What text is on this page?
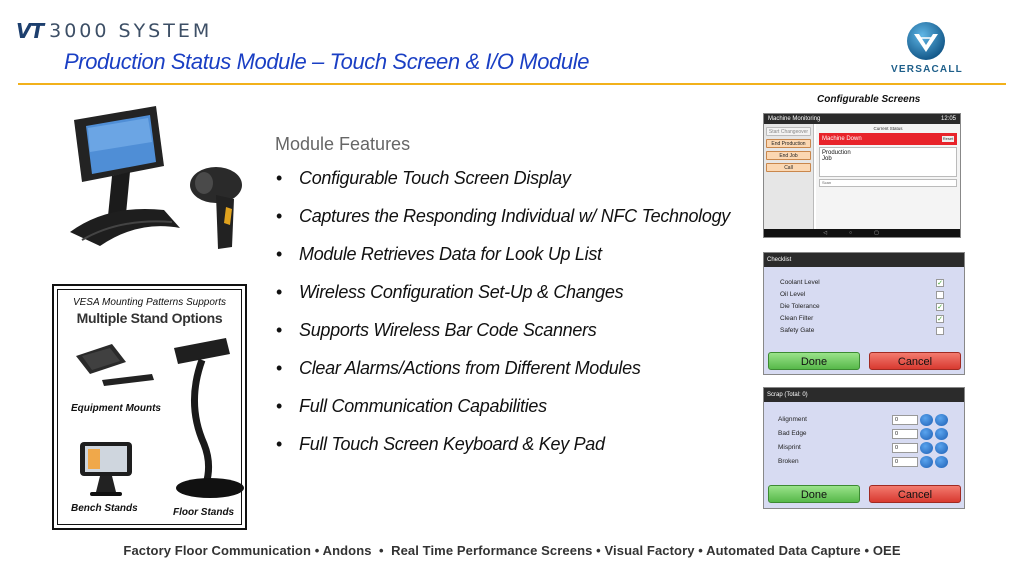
VT 3000 SYSTEM
Production Status Module – Touch Screen & I/O Module	VERSACALL
VESA Mounting Patterns Supports
Multiple Stand Options
Equipment Mounts
Bench Stands	Floor Stands
Module Features
• Configurable Touch Screen Display
• Captures the Responding Individual w/ NFC Technology
• Module Retrieves Data for Look Up List
• Wireless Configuration Set-Up & Changes
• Supports Wireless Bar Code Scanners
• Clear Alarms/Actions from Different Modules
• Full Communication Capabilities
• Full Touch Screen Keyboard & Key Pad
Configurable Screens
Machine Monitoring	12:05
Start Changeover
End Production
End Job
Call
Current Status
Machine Down	Reset
Production
Job
Scan
◁○▢
Checklist
Coolant Level	✓
Oil Level
Die Tolerance	✓
Clean Filter	✓
Safety Gate
Done	Cancel
Scrap (Total: 0)
Alignment	0
Bad Edge	0
Misprint	0
Broken	0
Done	Cancel
Factory Floor Communication • Andons  •  Real Time Performance Screens • Visual Factory • Automated Data Capture • OEE
